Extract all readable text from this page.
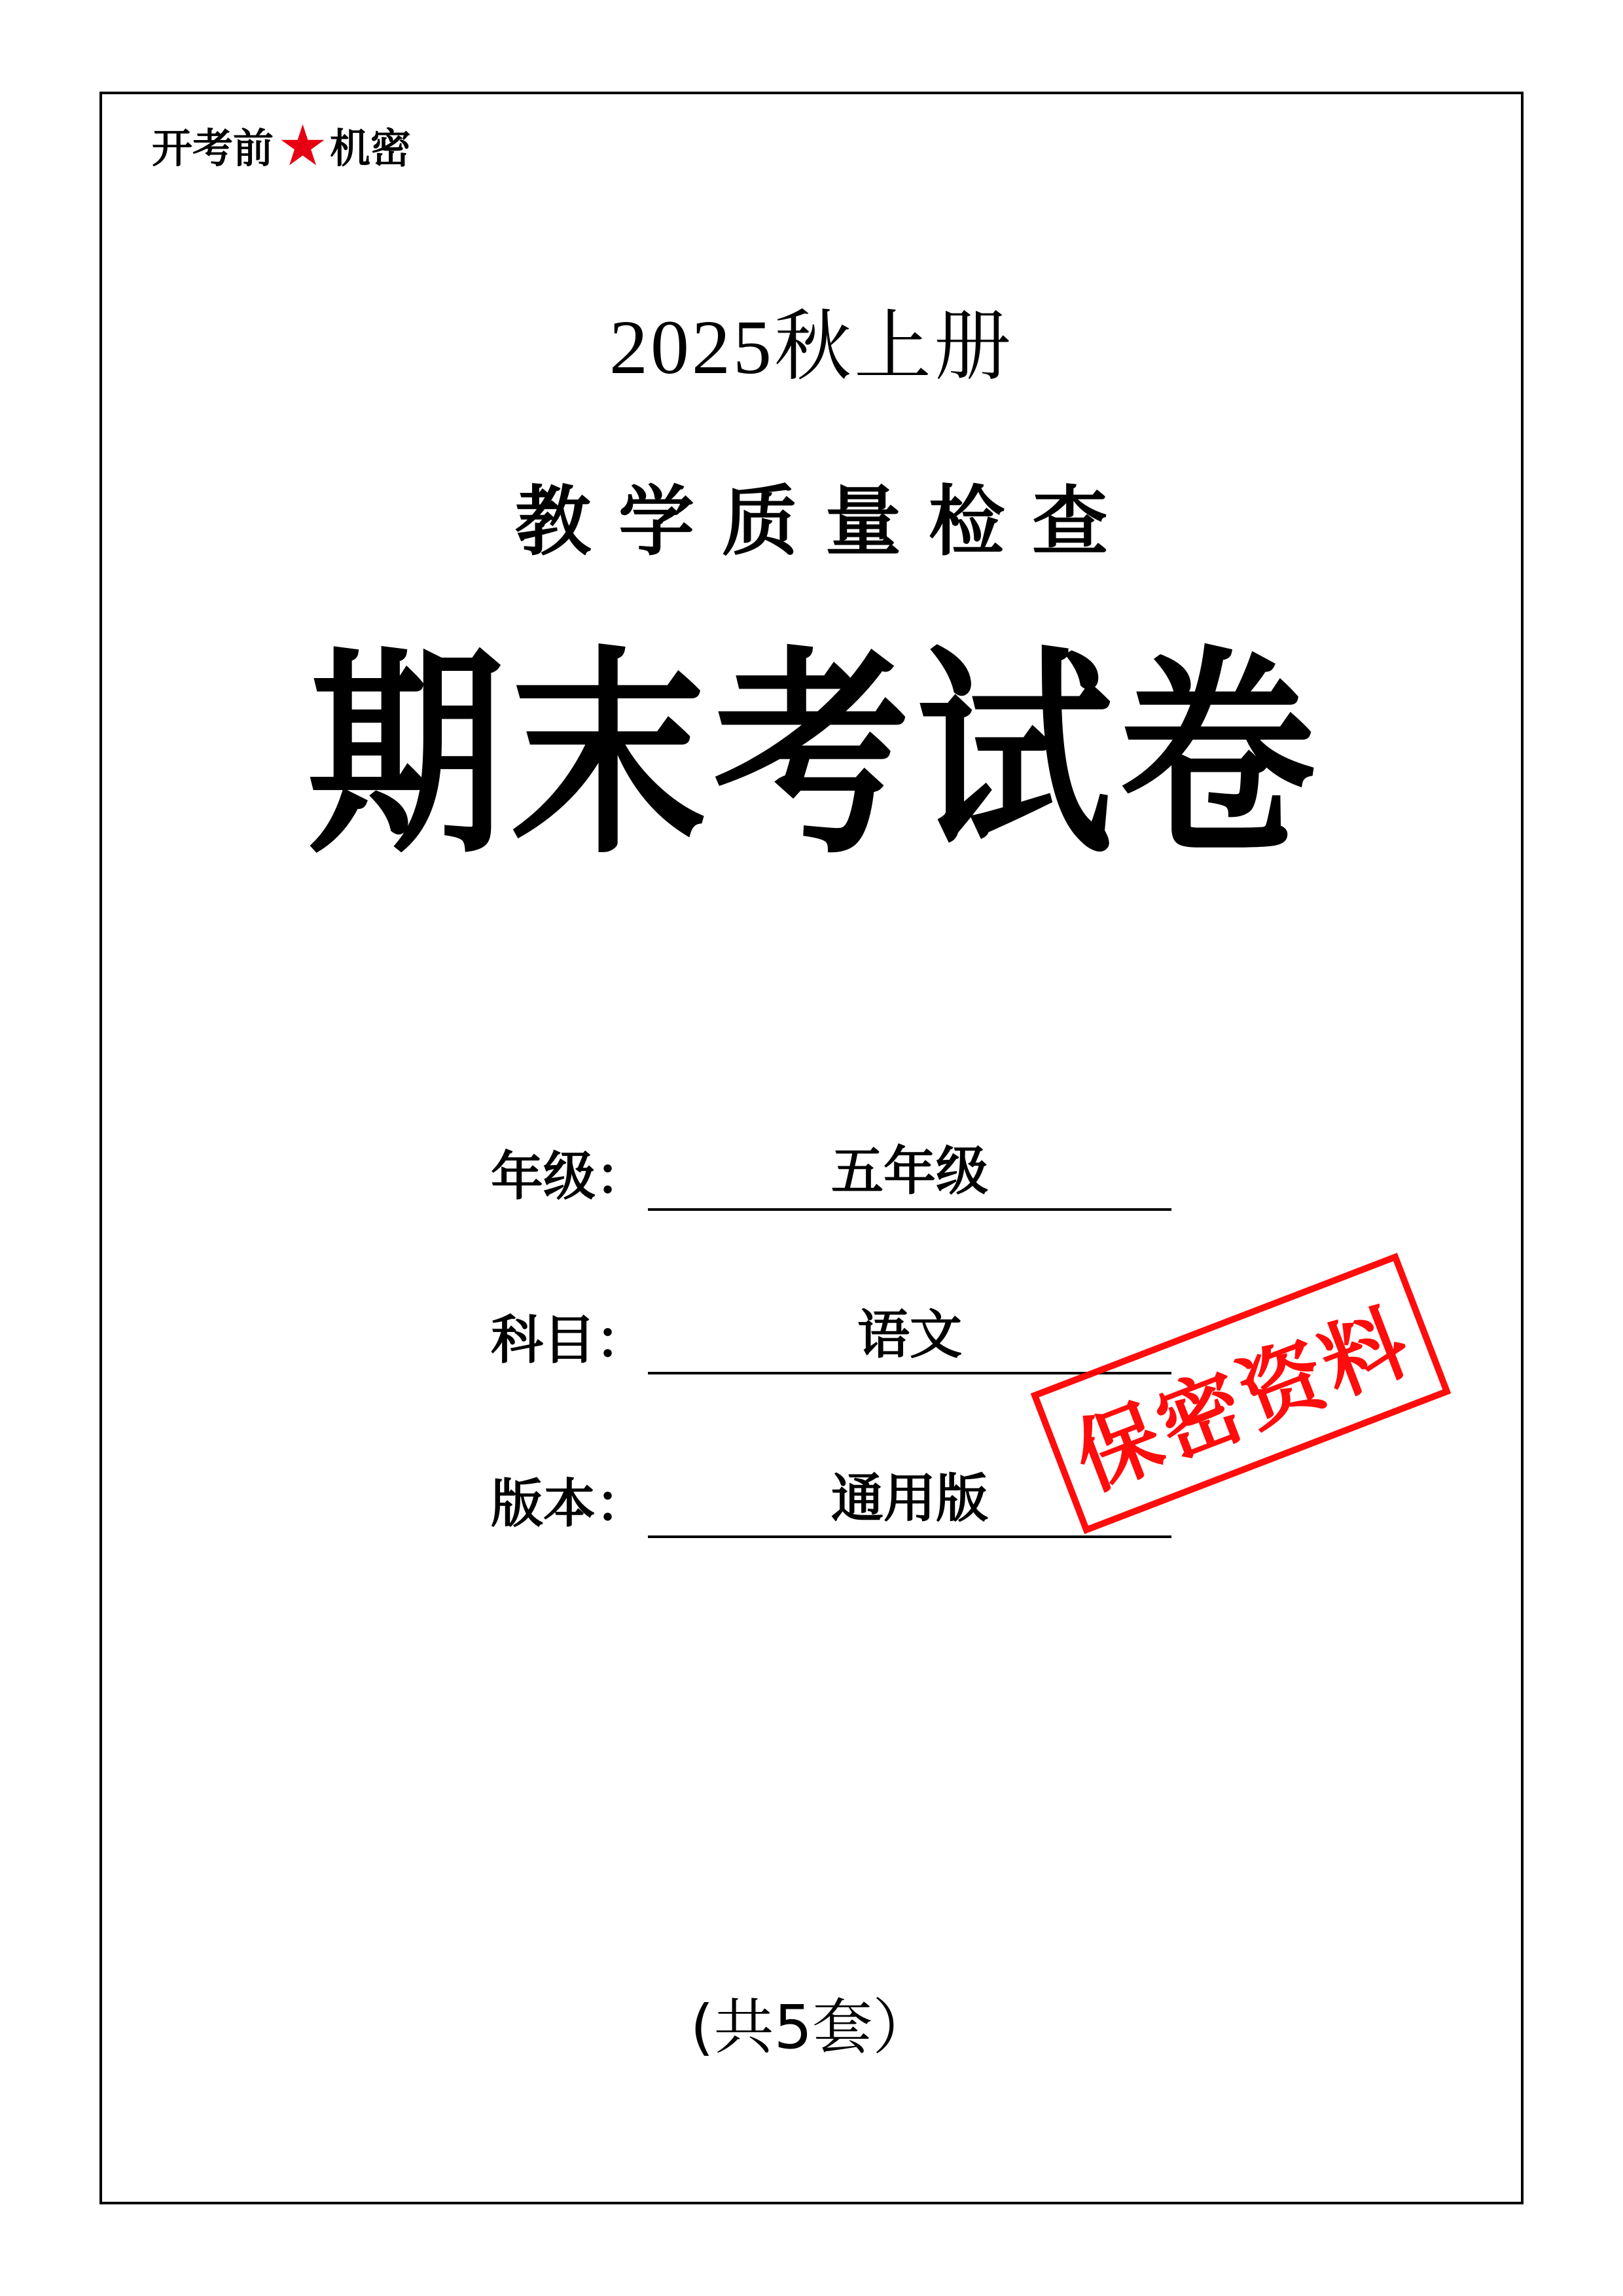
开考前 ★ 机密
2025秋上册
教学质量检查
期末考试卷
年级：	五年级
科目：	语文
版本：	通用版 保密资料
(共5套）
